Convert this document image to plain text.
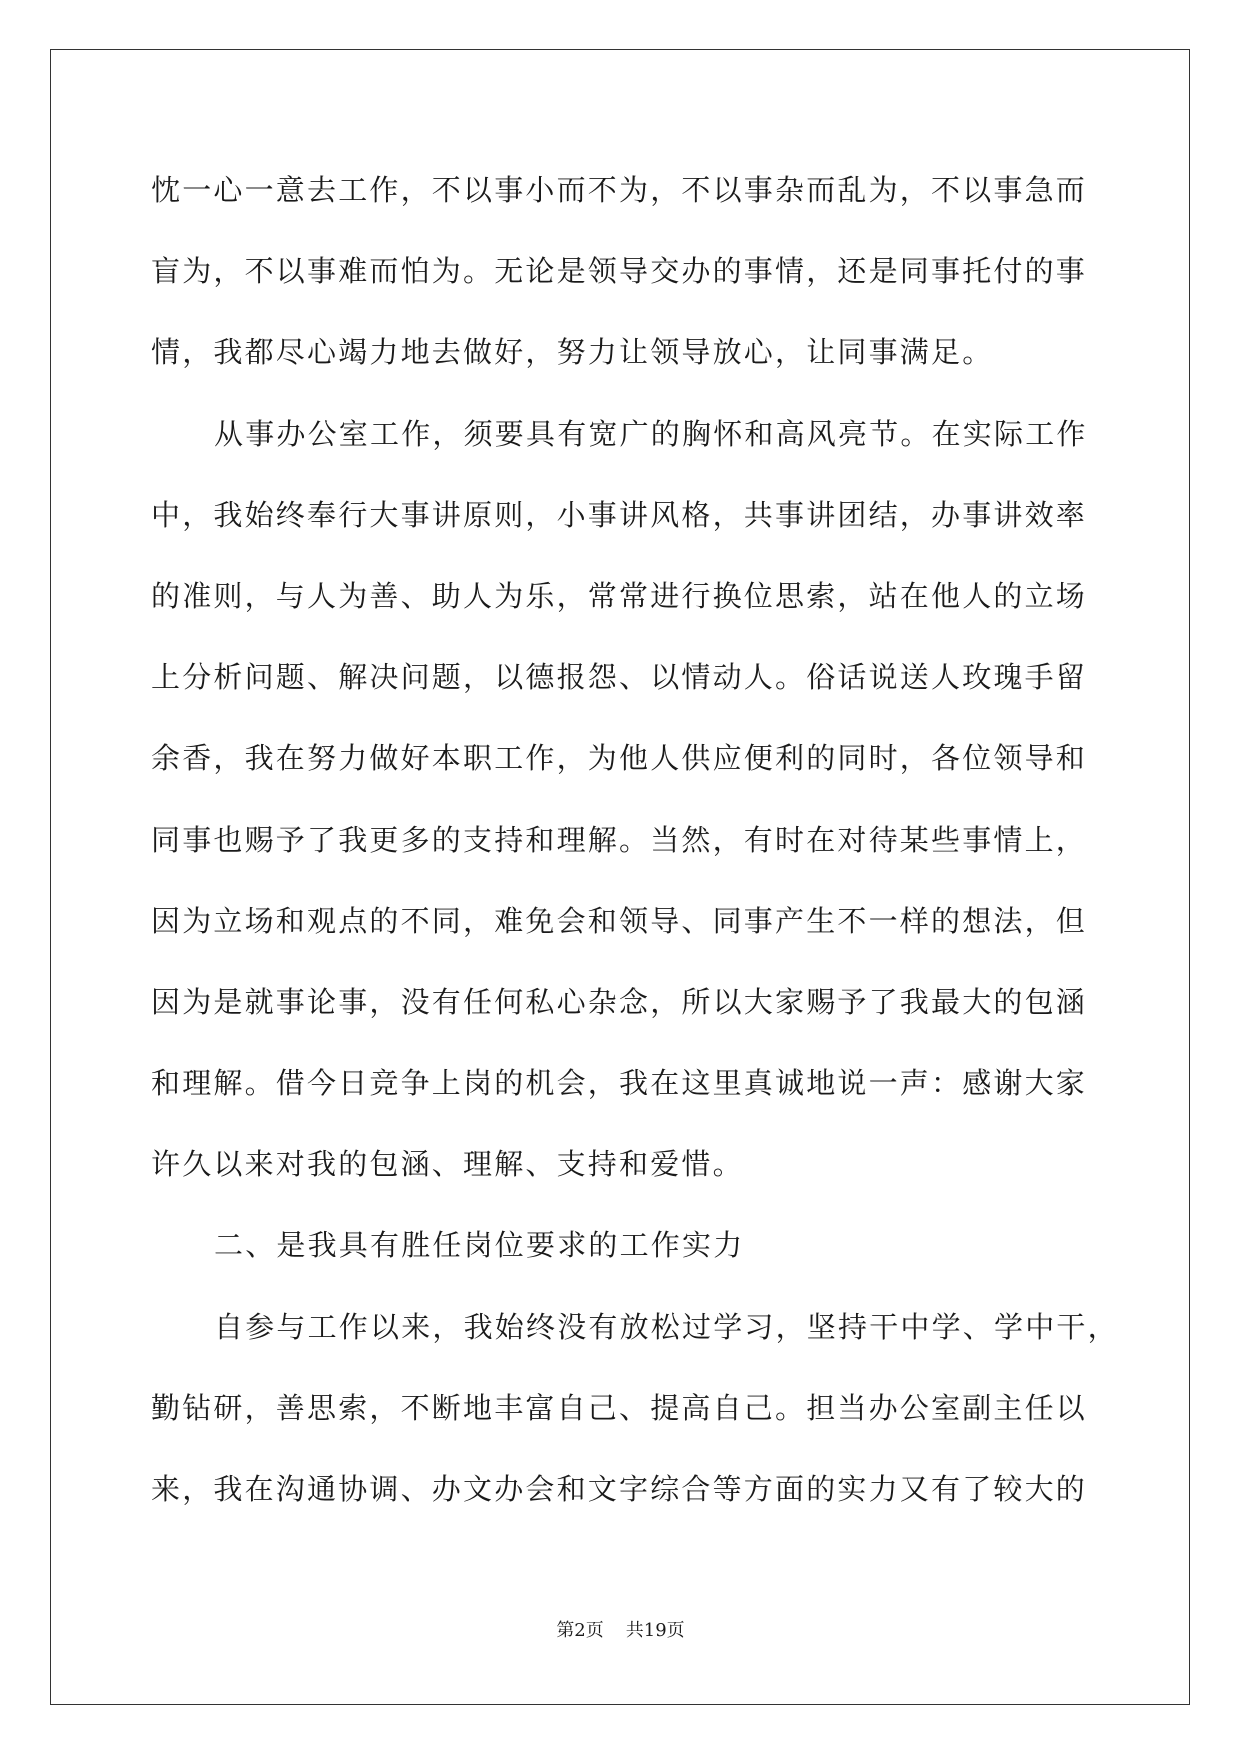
忱一心一意去工作，不以事小而不为，不以事杂而乱为，不以事急而
盲为，不以事难而怕为。无论是领导交办的事情，还是同事托付的事
情，我都尽心竭力地去做好，努力让领导放心，让同事满足。
从事办公室工作，须要具有宽广的胸怀和高风亮节。在实际工作
中，我始终奉行大事讲原则，小事讲风格，共事讲团结，办事讲效率
的准则，与人为善、助人为乐，常常进行换位思索，站在他人的立场
上分析问题、解决问题，以德报怨、以情动人。俗话说送人玫瑰手留
余香，我在努力做好本职工作，为他人供应便利的同时，各位领导和
同事也赐予了我更多的支持和理解。当然，有时在对待某些事情上，
因为立场和观点的不同，难免会和领导、同事产生不一样的想法，但
因为是就事论事，没有任何私心杂念，所以大家赐予了我最大的包涵
和理解。借今日竞争上岗的机会，我在这里真诚地说一声：感谢大家
许久以来对我的包涵、理解、支持和爱惜。
二、是我具有胜任岗位要求的工作实力
自参与工作以来，我始终没有放松过学习，坚持干中学、学中干，
勤钻研，善思索，不断地丰富自己、提高自己。担当办公室副主任以
来，我在沟通协调、办文办会和文字综合等方面的实力又有了较大的
第2页 共19页
